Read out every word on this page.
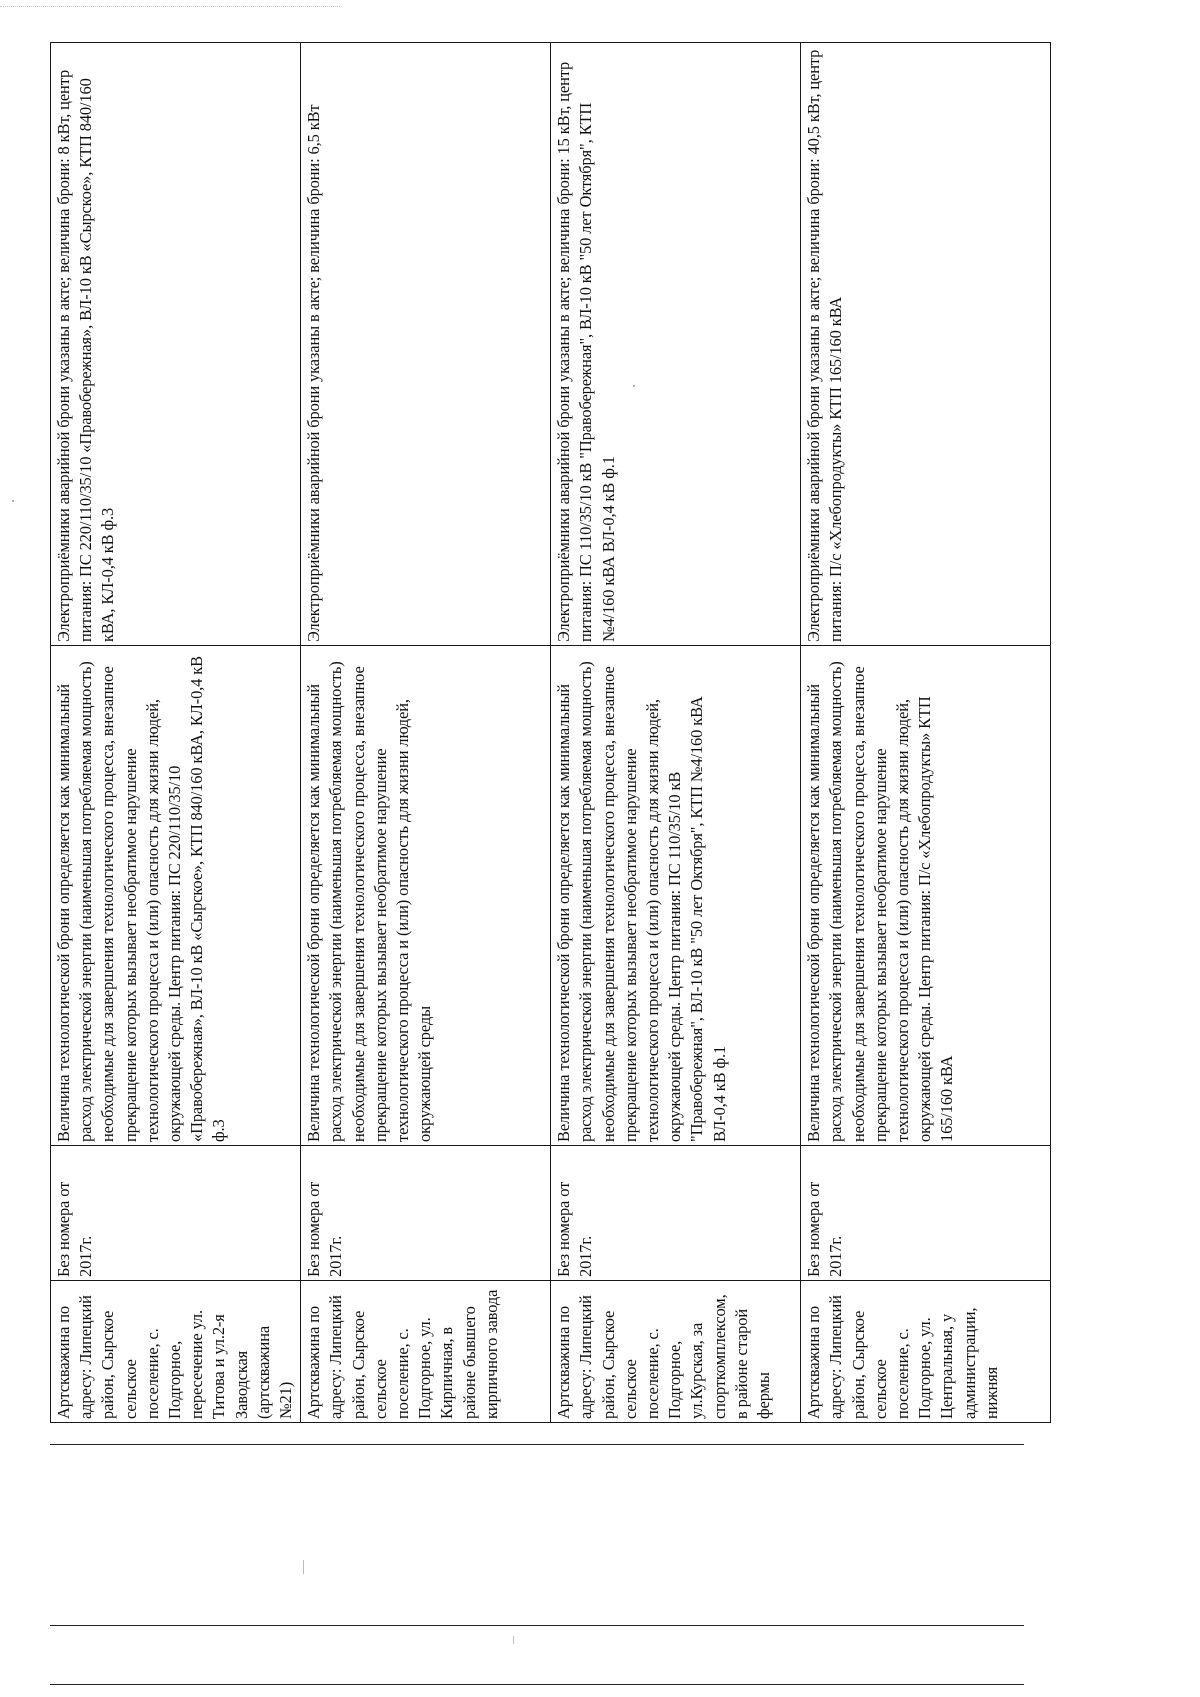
Артскважина по адресу: Липецкий район, Сырское сельское поселение, с. Подгорное, пересечение ул. Титова и ул.2-я Заводская (артскважина №21)	Без номера от 2017г.	Величина технологической брони определяется как минимальный расход электрической энергии (наименьшая потребляемая мощность) необходимые для завершения технологического процесса, внезапное прекращение которых вызывает необратимое нарушение технологического процесса и (или) опасность для жизни людей, окружающей среды. Центр питания: ПС 220/110/35/10 «Правобережная», ВЛ-10 кВ «Сырское», КТП 840/160 кВА, КЛ-0,4 кВ ф.3	Электроприёмники аварийной брони указаны в акте; величина брони: 8 кВт, центр питания: ПС 220/110/35/10 «Правобережная», ВЛ-10 кВ «Сырское», КТП 840/160 кВА, КЛ-0,4 кВ ф.3
Артскважина по адресу: Липецкий район, Сырское сельское поселение, с. Подгорное, ул. Кирпичная, в районе бывшего кирпичного завода	Без номера от 2017г.	Величина технологической брони определяется как минимальный расход электрической энергии (наименьшая потребляемая мощность) необходимые для завершения технологического процесса, внезапное прекращение которых вызывает необратимое нарушение технологического процесса и (или) опасность для жизни людей, окружающей среды	Электроприёмники аварийной брони указаны в акте; величина брони: 6,5 кВт
Артскважина по адресу: Липецкий район, Сырское сельское поселение, с. Подгорное, ул.Курская, за спорткомплексом, в районе старой фермы	Без номера от 2017г.	Величина технологической брони определяется как минимальный расход электрической энергии (наименьшая потребляемая мощность) необходимые для завершения технологического процесса, внезапное прекращение которых вызывает необратимое нарушение технологического процесса и (или) опасность для жизни людей, окружающей среды. Центр питания: ПС 110/35/10 кВ "Правобережная", ВЛ-10 кВ "50 лет Октября", КТП №4/160 кВА ВЛ-0,4 кВ ф.1	Электроприёмники аварийной брони указаны в акте; величина брони: 15 кВт, центр питания: ПС 110/35/10 кВ "Правобережная", ВЛ-10 кВ "50 лет Октября", КТП №4/160 кВА ВЛ-0,4 кВ ф.1
Артскважина по адресу: Липецкий район, Сырское сельское поселение, с. Подгорное, ул. Центральная, у администрации, нижняя	Без номера от 2017г.	Величина технологической брони определяется как минимальный расход электрической энергии (наименьшая потребляемая мощность) необходимые для завершения технологического процесса, внезапное прекращение которых вызывает необратимое нарушение технологического процесса и (или) опасность для жизни людей, окружающей среды. Центр питания: П/с «Хлебопродукты» КТП 165/160 кВА	Электроприёмники аварийной брони указаны в акте; величина брони: 40,5 кВт, центр питания: П/с «Хлебопродукты» КТП 165/160 кВА
